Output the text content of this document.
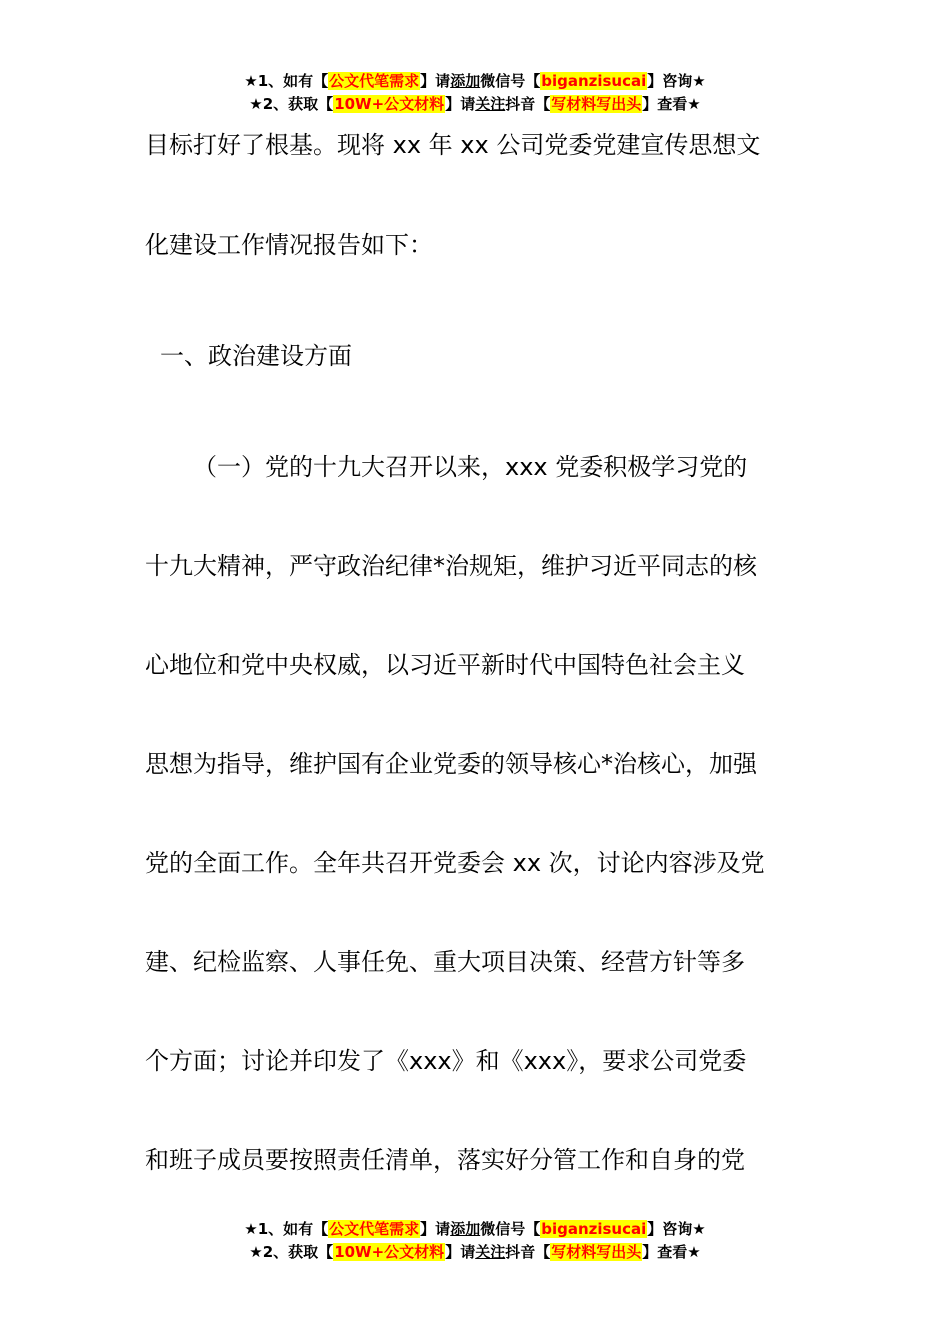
★1、如有【公文代笔需求】请添加微信号【biganzisucai】咨询★
★2、获取【10W+公文材料】请关注抖音【写材料写出头】查看★
目标打好了根基。现将 xx 年 xx 公司党委党建宣传思想文
化建设工作情况报告如下：
一、政治建设方面
（一）党的十九大召开以来，xxx 党委积极学习党的
十九大精神，严守政治纪律*治规矩，维护习近平同志的核
心地位和党中央权威，以习近平新时代中国特色社会主义
思想为指导，维护国有企业党委的领导核心*治核心，加强
党的全面工作。全年共召开党委会 xx 次，讨论内容涉及党
建、纪检监察、人事任免、重大项目决策、经营方针等多
个方面；讨论并印发了《xxx》和《xxx》，要求公司党委
和班子成员要按照责任清单，落实好分管工作和自身的党
★1、如有【公文代笔需求】请添加微信号【biganzisucai】咨询★
★2、获取【10W+公文材料】请关注抖音【写材料写出头】查看★
